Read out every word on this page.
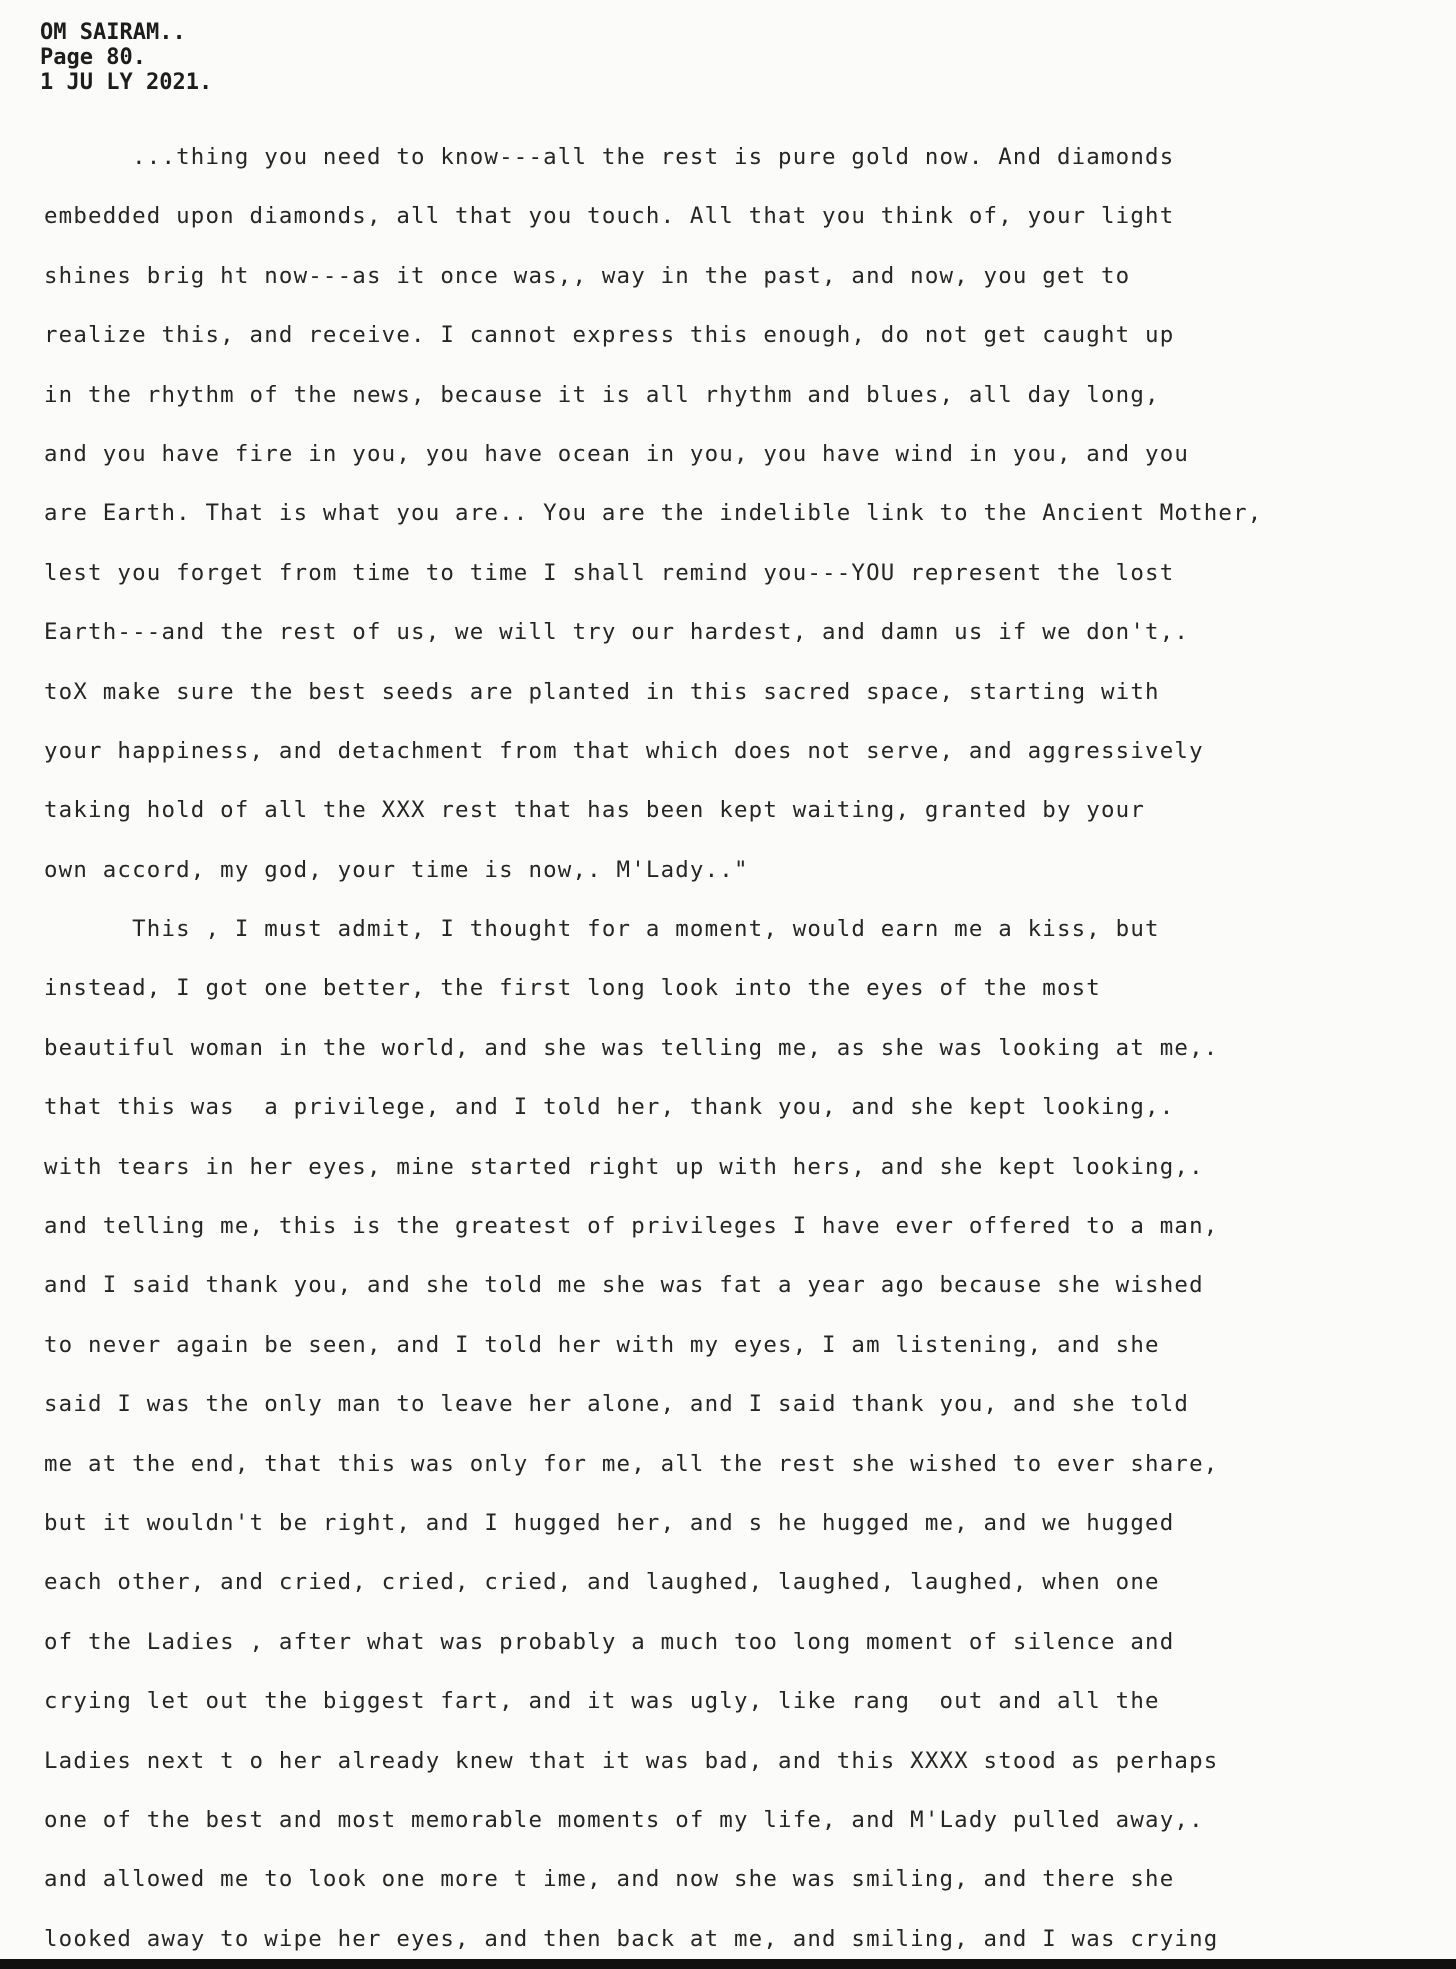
OM SAIRAM..
Page 80.
1 JU LY 2021.
...thing you need to know---all the rest is pure gold now. And diamonds
embedded upon diamonds, all that you touch. All that you think of, your light
shines brig ht now---as it once was,, way in the past, and now, you get to
realize this, and receive. I cannot express this enough, do not get caught up
in the rhythm of the news, because it is all rhythm and blues, all day long,
and you have fire in you, you have ocean in you, you have wind in you, and you
are Earth. That is what you are.. You are the indelible link to the Ancient Mother,
lest you forget from time to time I shall remind you---YOU represent the lost
Earth---and the rest of us, we will try our hardest, and damn us if we don't,.
toX make sure the best seeds are planted in this sacred space, starting with
your happiness, and detachment from that which does not serve, and aggressively
taking hold of all the XXX rest that has been kept waiting, granted by your
own accord, my god, your time is now,. M'Lady.."
This , I must admit, I thought for a moment, would earn me a kiss, but
instead, I got one better, the first long look into the eyes of the most
beautiful woman in the world, and she was telling me, as she was looking at me,.
that this was  a privilege, and I told her, thank you, and she kept looking,.
with tears in her eyes, mine started right up with hers, and she kept looking,.
and telling me, this is the greatest of privileges I have ever offered to a man,
and I said thank you, and she told me she was fat a year ago because she wished
to never again be seen, and I told her with my eyes, I am listening, and she
said I was the only man to leave her alone, and I said thank you, and she told
me at the end, that this was only for me, all the rest she wished to ever share,
but it wouldn't be right, and I hugged her, and s he hugged me, and we hugged
each other, and cried, cried, cried, and laughed, laughed, laughed, when one
of the Ladies , after what was probably a much too long moment of silence and
crying let out the biggest fart, and it was ugly, like rang  out and all the
Ladies next t o her already knew that it was bad, and this XXXX stood as perhaps
one of the best and most memorable moments of my life, and M'Lady pulled away,.
and allowed me to look one more t ime, and now she was smiling, and there she
looked away to wipe her eyes, and then back at me, and smiling, and I was crying
